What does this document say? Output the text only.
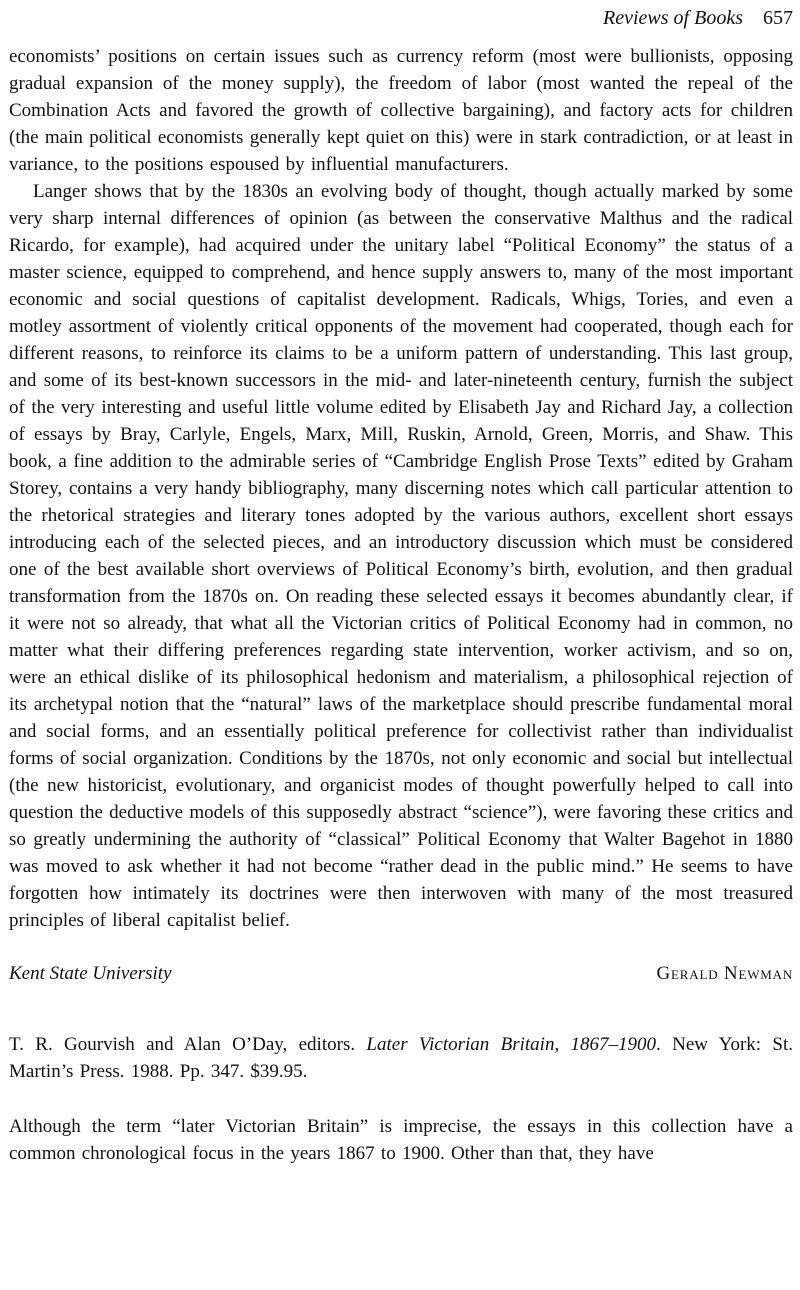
Reviews of Books 657

economists’ positions on certain issues such as currency reform (most were bullionists, opposing gradual expansion of the money supply), the freedom of labor (most wanted the repeal of the Combination Acts and favored the growth of collective bargaining), and factory acts for children (the main political economists generally kept quiet on this) were in stark contradiction, or at least in variance, to the positions espoused by influential manufacturers.

Langer shows that by the 1830s an evolving body of thought, though actually marked by some very sharp internal differences of opinion (as between the conservative Malthus and the radical Ricardo, for example), had acquired under the unitary label “Political Economy” the status of a master science, equipped to comprehend, and hence supply answers to, many of the most important economic and social questions of capitalist development. Radicals, Whigs, Tories, and even a motley assortment of violently critical opponents of the movement had cooperated, though each for different reasons, to reinforce its claims to be a uniform pattern of understanding. This last group, and some of its best-known successors in the mid- and later-nineteenth century, furnish the subject of the very interesting and useful little volume edited by Elisabeth Jay and Richard Jay, a collection of essays by Bray, Carlyle, Engels, Marx, Mill, Ruskin, Arnold, Green, Morris, and Shaw. This book, a fine addition to the admirable series of “Cambridge English Prose Texts” edited by Graham Storey, contains a very handy bibliography, many discerning notes which call particular attention to the rhetorical strategies and literary tones adopted by the various authors, excellent short essays introducing each of the selected pieces, and an introductory discussion which must be considered one of the best available short overviews of Political Economy’s birth, evolution, and then gradual transformation from the 1870s on. On reading these selected essays it becomes abundantly clear, if it were not so already, that what all the Victorian critics of Political Economy had in common, no matter what their differing preferences regarding state intervention, worker activism, and so on, were an ethical dislike of its philosophical hedonism and materialism, a philosophical rejection of its archetypal notion that the “natural” laws of the marketplace should prescribe fundamental moral and social forms, and an essentially political preference for collectivist rather than individualist forms of social organization. Conditions by the 1870s, not only economic and social but intellectual (the new historicist, evolutionary, and organicist modes of thought powerfully helped to call into question the deductive models of this supposedly abstract “science”), were favoring these critics and so greatly undermining the authority of “classical” Political Economy that Walter Bagehot in 1880 was moved to ask whether it had not become “rather dead in the public mind.” He seems to have forgotten how intimately its doctrines were then interwoven with many of the most treasured principles of liberal capitalist belief.

Kent State University	Gerald Newman

T. R. Gourvish and Alan O’Day, editors. Later Victorian Britain, 1867–1900. New York: St. Martin’s Press. 1988. Pp. 347. $39.95.

Although the term “later Victorian Britain” is imprecise, the essays in this collection have a common chronological focus in the years 1867 to 1900. Other than that, they have
